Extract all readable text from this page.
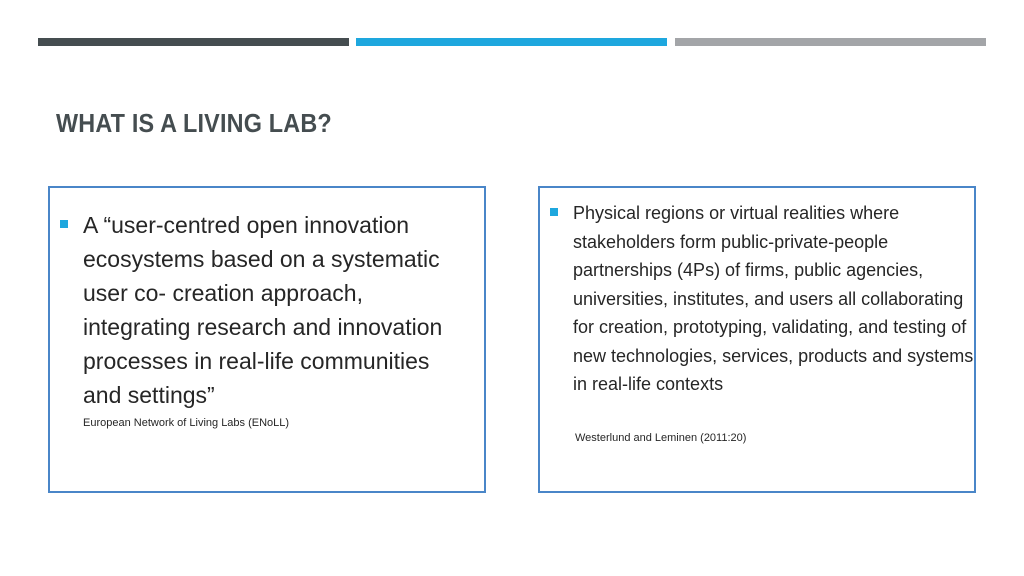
WHAT IS A LIVING LAB?
A “user-centred open innovation ecosystems based on a systematic user co- creation approach, integrating research and innovation processes in real-life communities and settings”
European Network of Living Labs (ENoLL)
Physical regions or virtual realities where stakeholders form public-private-people partnerships (4Ps) of firms, public agencies, universities, institutes, and users all collaborating for creation, prototyping, validating, and testing of new technologies, services, products and systems in real-life contexts
Westerlund and Leminen (2011:20)
